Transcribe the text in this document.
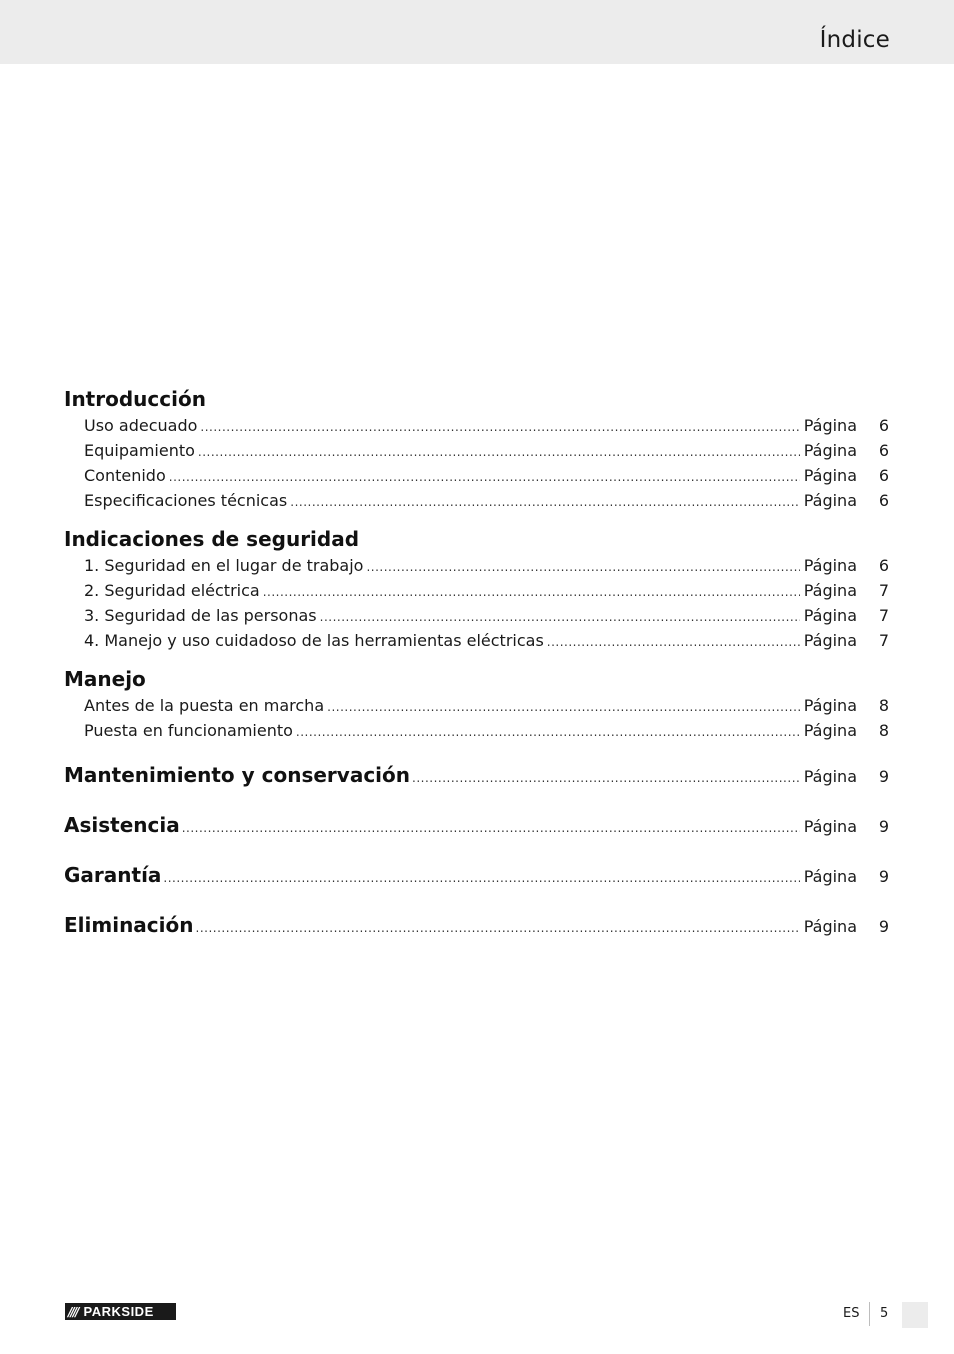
Índice
Introducción
Uso adecuado .....	Página	6
Equipamiento .....	Página	6
Contenido .....	Página	6
Especificaciones técnicas .....	Página	6
Indicaciones de seguridad
1. Seguridad en el lugar de trabajo .....	Página	6
2. Seguridad eléctrica .....	Página	7
3. Seguridad de las personas .....	Página	7
4. Manejo y uso cuidadoso de las herramientas eléctricas .....	Página	7
Manejo
Antes de la puesta en marcha .....	Página	8
Puesta en funcionamiento .....	Página	8
Mantenimiento y conservación .....	Página	9
Asistencia .....	Página	9
Garantía .....	Página	9
Eliminación .....	Página	9
//// PARKSIDE	ES 5
